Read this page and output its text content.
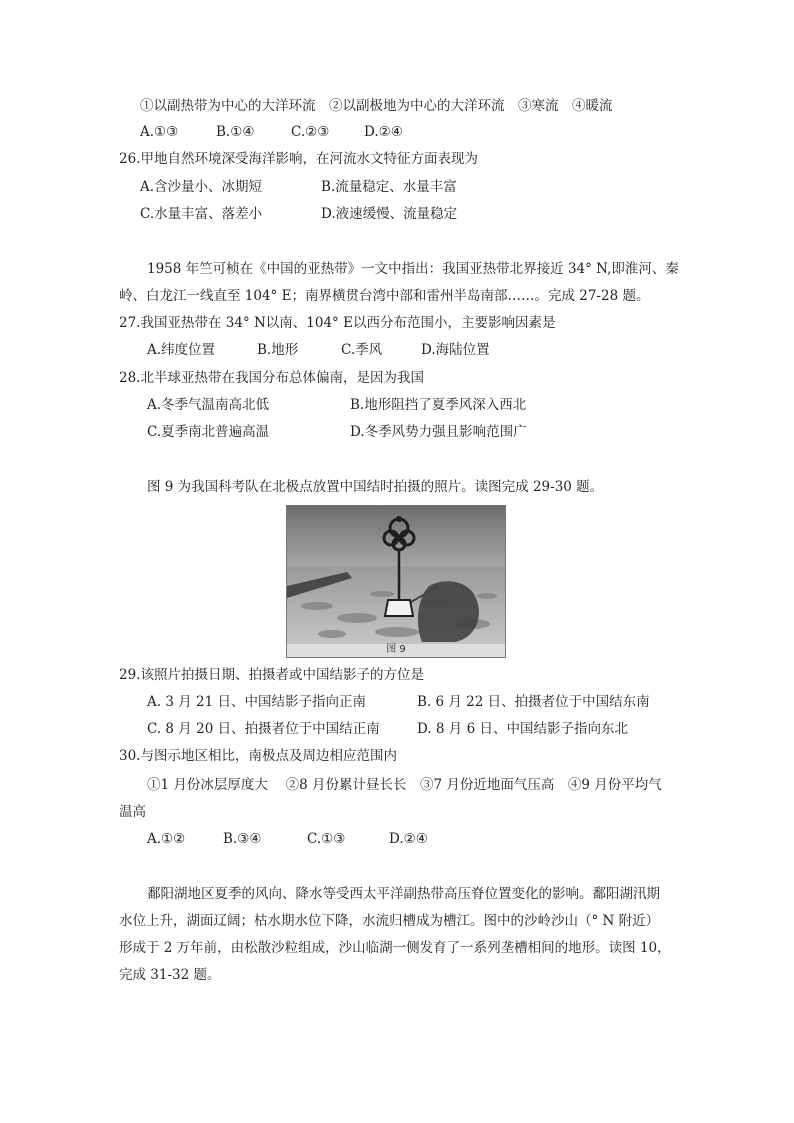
①以副热带为中心的大洋环流　②以副极地为中心的大洋环流　③寒流　④暖流
A.①③	B.①④	C.②③	D.②④
26.甲地自然环境深受海洋影响，在河流水文特征方面表现为
A.含沙量小、冰期短	B.流量稳定、水量丰富
C.水量丰富、落差小	D.液速缓慢、流量稳定
1958 年竺可桢在《中国的亚热带》一文中指出：我国亚热带北界接近 34° N,即淮河、秦
岭、白龙江一线直至 104° E；南界横贯台湾中部和雷州半岛南部……。完成 27-28 题。
27.我国亚热带在 34° N以南、104° E以西分布范围小，主要影响因素是
A.纬度位置	B.地形	C.季风	D.海陆位置
28.北半球亚热带在我国分布总体偏南，是因为我国
A.冬季气温南高北低	B.地形阻挡了夏季风深入西北
C.夏季南北普遍高温	D.冬季风势力强且影响范围广
图 9 为我国科考队在北极点放置中国结时拍摄的照片。读图完成 29-30 题。
图 9
29.该照片拍摄日期、拍摄者或中国结影子的方位是
A. 3 月 21 日、中国结影子指向正南	B. 6 月 22 日、拍摄者位于中国结东南
C. 8 月 20 日、拍摄者位于中国结正南	D. 8 月 6 日、中国结影子指向东北
30.与图示地区相比，南极点及周边相应范围内
①1 月份冰层厚度大　 ②8 月份累计昼长长　③7 月份近地面气压高　④9 月份平均气
温高
A.①②	B.③④	C.①③	D.②④
鄱阳湖地区夏季的风向、降水等受西太平洋副热带高压脊位置变化的影响。鄱阳湖汛期
水位上升，湖面辽阔；枯水期水位下降，水流归槽成为槽江。图中的沙岭沙山（° N 附近）
形成于 2 万年前，由松散沙粒组成，沙山临湖一侧发育了一系列垄槽相间的地形。读图 10，
完成 31-32 题。
